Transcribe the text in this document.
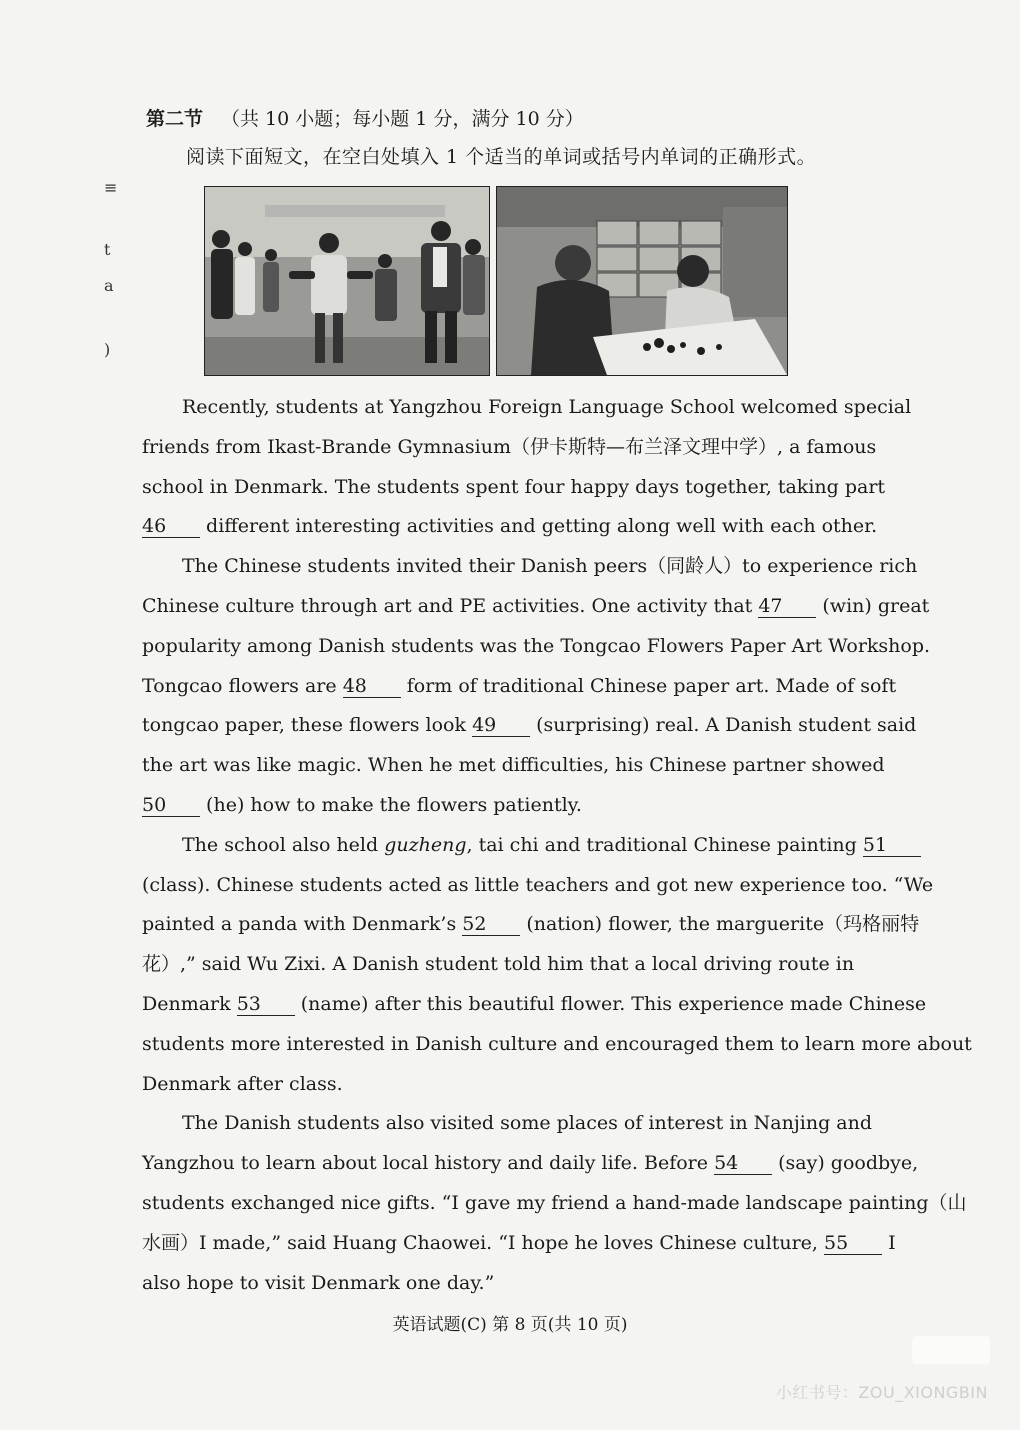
≡
t
a
)
第二节 （共 10 小题；每小题 1 分，满分 10 分）
阅读下面短文，在空白处填入 1 个适当的单词或括号内单词的正确形式。
Recently, students at Yangzhou Foreign Language School welcomed special
friends from Ikast-Brande Gymnasium（伊卡斯特—布兰泽文理中学）, a famous
school in Denmark. The students spent four happy days together, taking part
46 different interesting activities and getting along well with each other.
The Chinese students invited their Danish peers（同龄人）to experience rich
Chinese culture through art and PE activities. One activity that 47 (win) great
popularity among Danish students was the Tongcao Flowers Paper Art Workshop.
Tongcao flowers are 48 form of traditional Chinese paper art. Made of soft
tongcao paper, these flowers look 49 (surprising) real. A Danish student said
the art was like magic. When he met difficulties, his Chinese partner showed
50 (he) how to make the flowers patiently.
The school also held guzheng, tai chi and traditional Chinese painting 51
(class). Chinese students acted as little teachers and got new experience too. “We
painted a panda with Denmark’s 52 (nation) flower, the marguerite（玛格丽特
花）,” said Wu Zixi. A Danish student told him that a local driving route in
Denmark 53 (name) after this beautiful flower. This experience made Chinese
students more interested in Danish culture and encouraged them to learn more about
Denmark after class.
The Danish students also visited some places of interest in Nanjing and
Yangzhou to learn about local history and daily life. Before 54 (say) goodbye,
students exchanged nice gifts. “I gave my friend a hand-made landscape painting（山
水画）I made,” said Huang Chaowei. “I hope he loves Chinese culture, 55 I
also hope to visit Denmark one day.”
英语试题(C) 第 8 页(共 10 页)
小红书号：ZOU_XIONGBIN
